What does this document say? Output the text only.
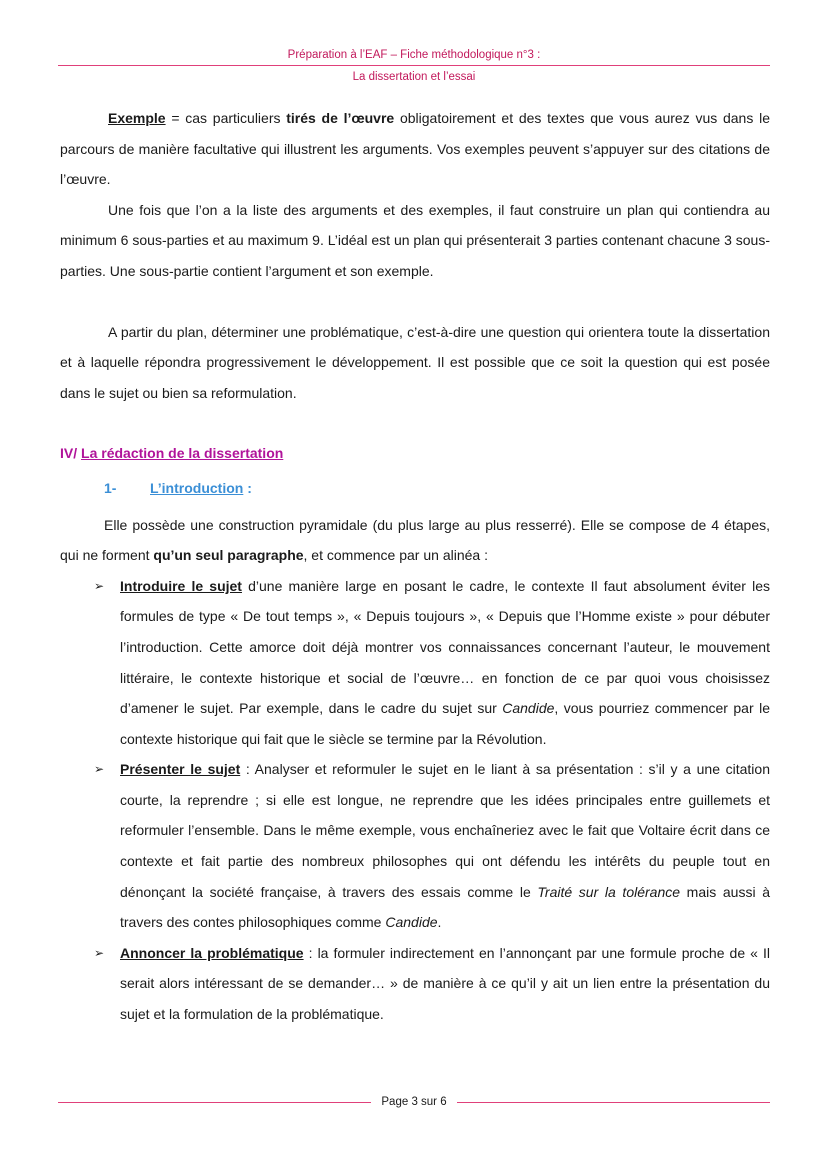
Préparation à l’EAF – Fiche méthodologique n°3 :
La dissertation et l’essai

Exemple = cas particuliers tirés de l’œuvre obligatoirement et des textes que vous aurez vus dans le parcours de manière facultative qui illustrent les arguments. Vos exemples peuvent s’appuyer sur des citations de l’œuvre.

Une fois que l’on a la liste des arguments et des exemples, il faut construire un plan qui contiendra au minimum 6 sous-parties et au maximum 9. L’idéal est un plan qui présenterait 3 parties contenant chacune 3 sous-parties. Une sous-partie contient l’argument et son exemple.

A partir du plan, déterminer une problématique, c’est-à-dire une question qui orientera toute la dissertation et à laquelle répondra progressivement le développement. Il est possible que ce soit la question qui est posée dans le sujet ou bien sa reformulation.

IV/ La rédaction de la dissertation

1- L’introduction :

Elle possède une construction pyramidale (du plus large au plus resserré). Elle se compose de 4 étapes, qui ne forment qu’un seul paragraphe, et commence par un alinéa :

➢ Introduire le sujet d’une manière large en posant le cadre, le contexte Il faut absolument éviter les formules de type « De tout temps », « Depuis toujours », « Depuis que l’Homme existe » pour débuter l’introduction. Cette amorce doit déjà montrer vos connaissances concernant l’auteur, le mouvement littéraire, le contexte historique et social de l’œuvre… en fonction de ce par quoi vous choisissez d’amener le sujet. Par exemple, dans le cadre du sujet sur Candide, vous pourriez commencer par le contexte historique qui fait que le siècle se termine par la Révolution.
➢ Présenter le sujet : Analyser et reformuler le sujet en le liant à sa présentation : s’il y a une citation courte, la reprendre ; si elle est longue, ne reprendre que les idées principales entre guillemets et reformuler l’ensemble. Dans le même exemple, vous enchaîneriez avec le fait que Voltaire écrit dans ce contexte et fait partie des nombreux philosophes qui ont défendu les intérêts du peuple tout en dénonçant la société française, à travers des essais comme le Traité sur la tolérance mais aussi à travers des contes philosophiques comme Candide.
➢ Annoncer la problématique : la formuler indirectement en l’annonçant par une formule proche de « Il serait alors intéressant de se demander… » de manière à ce qu’il y ait un lien entre la présentation du sujet et la formulation de la problématique.
Page 3 sur 6
